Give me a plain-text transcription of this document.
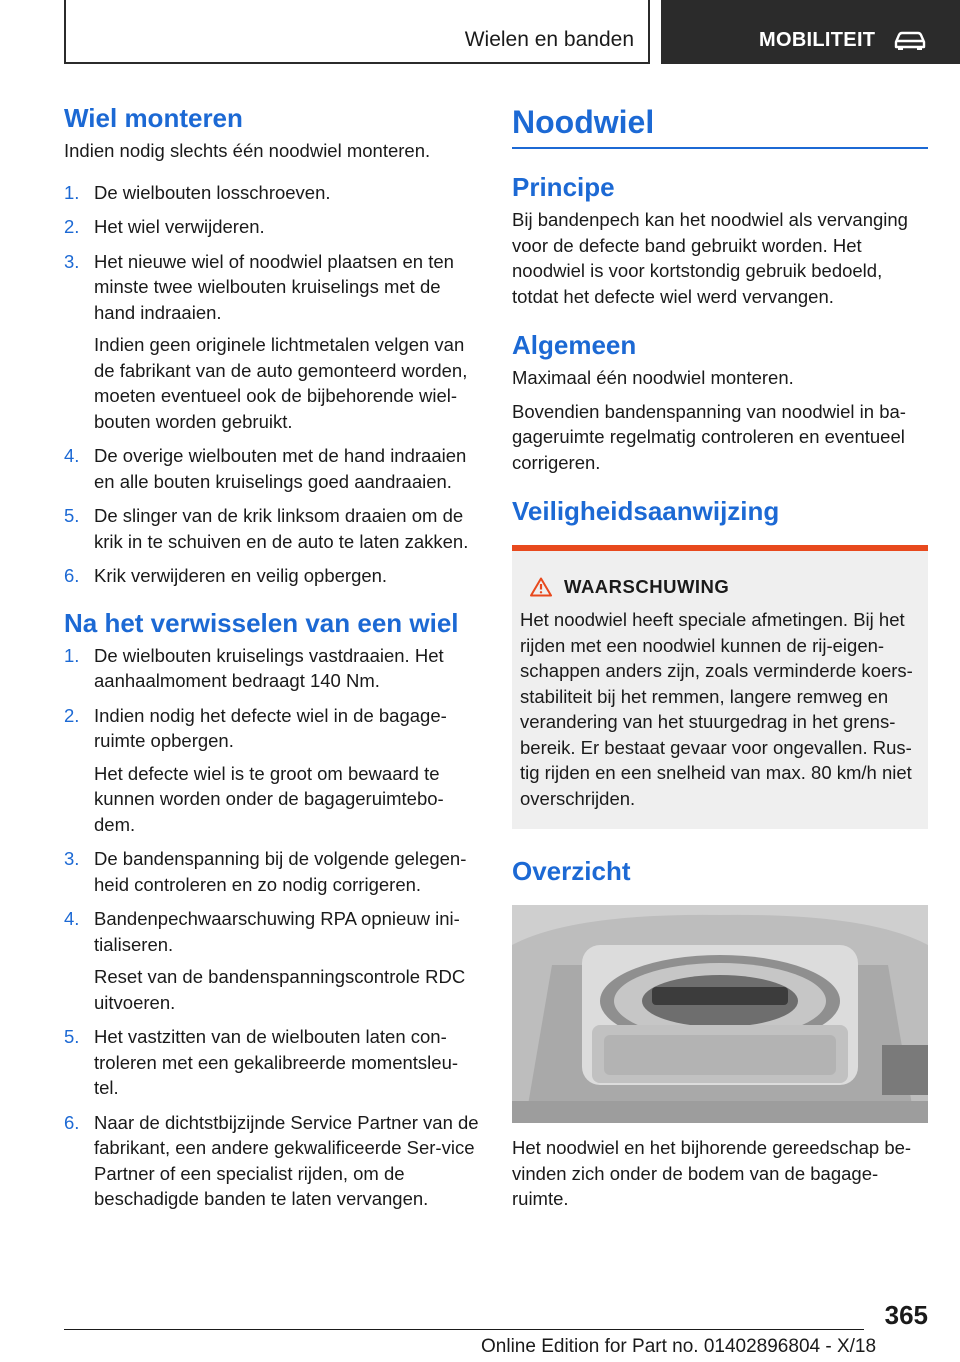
Wielen en banden	MOBILITEIT
Wiel monteren

Indien nodig slechts één noodwiel monteren.

1. De wielbouten losschroeven.
2. Het wiel verwijderen.
3. Het nieuwe wiel of noodwiel plaatsen en ten minste twee wielbouten kruiselings met de hand indraaien.
Indien geen originele lichtmetalen velgen van de fabrikant van de auto gemonteerd worden, moeten eventueel ook de bijbehorende wiel-bouten worden gebruikt.
4. De overige wielbouten met de hand indraaien en alle bouten kruiselings goed aandraaien.
5. De slinger van de krik linksom draaien om de krik in te schuiven en de auto te laten zakken.
6. Krik verwijderen en veilig opbergen.
Na het verwisselen van een wiel
1. De wielbouten kruiselings vastdraaien. Het aanhaalmoment bedraagt 140 Nm.
2. Indien nodig het defecte wiel in de bagage-ruimte opbergen.
Het defecte wiel is te groot om bewaard te kunnen worden onder de bagageruimtebo-dem.
3. De bandenspanning bij de volgende gelegen-heid controleren en zo nodig corrigeren.
4. Bandenpechwaarschuwing RPA opnieuw ini-tialiseren.
Reset van de bandenspanningscontrole RDC uitvoeren.
5. Het vastzitten van de wielbouten laten con-troleren met een gekalibreerde momentsleu-tel.
6. Naar de dichtstbijzijnde Service Partner van de fabrikant, een andere gekwalificeerde Ser-vice Partner of een specialist rijden, om de beschadigde banden te laten vervangen.
Noodwiel
Principe

Bij bandenpech kan het noodwiel als vervanging voor de defecte band gebruikt worden. Het noodwiel is voor kortstondig gebruik bedoeld, totdat het defecte wiel werd vervangen.

Algemeen

Maximaal één noodwiel monteren.

Bovendien bandenspanning van noodwiel in ba-gageruimte regelmatig controleren en eventueel corrigeren.

Veiligheidsaanwijzing
WAARSCHUWING

Het noodwiel heeft speciale afmetingen. Bij het rijden met een noodwiel kunnen de rij-eigen-schappen anders zijn, zoals verminderde koers-stabiliteit bij het remmen, langere remweg en verandering van het stuurgedrag in het grens-bereik. Er bestaat gevaar voor ongevallen. Rus-tig rijden en een snelheid van max. 80 km/h niet overschrijden.

Overzicht

Het noodwiel en het bijhorende gereedschap be-vinden zich onder de bodem van de bagage-ruimte.

365
Online Edition for Part no. 01402896804 - X/18
